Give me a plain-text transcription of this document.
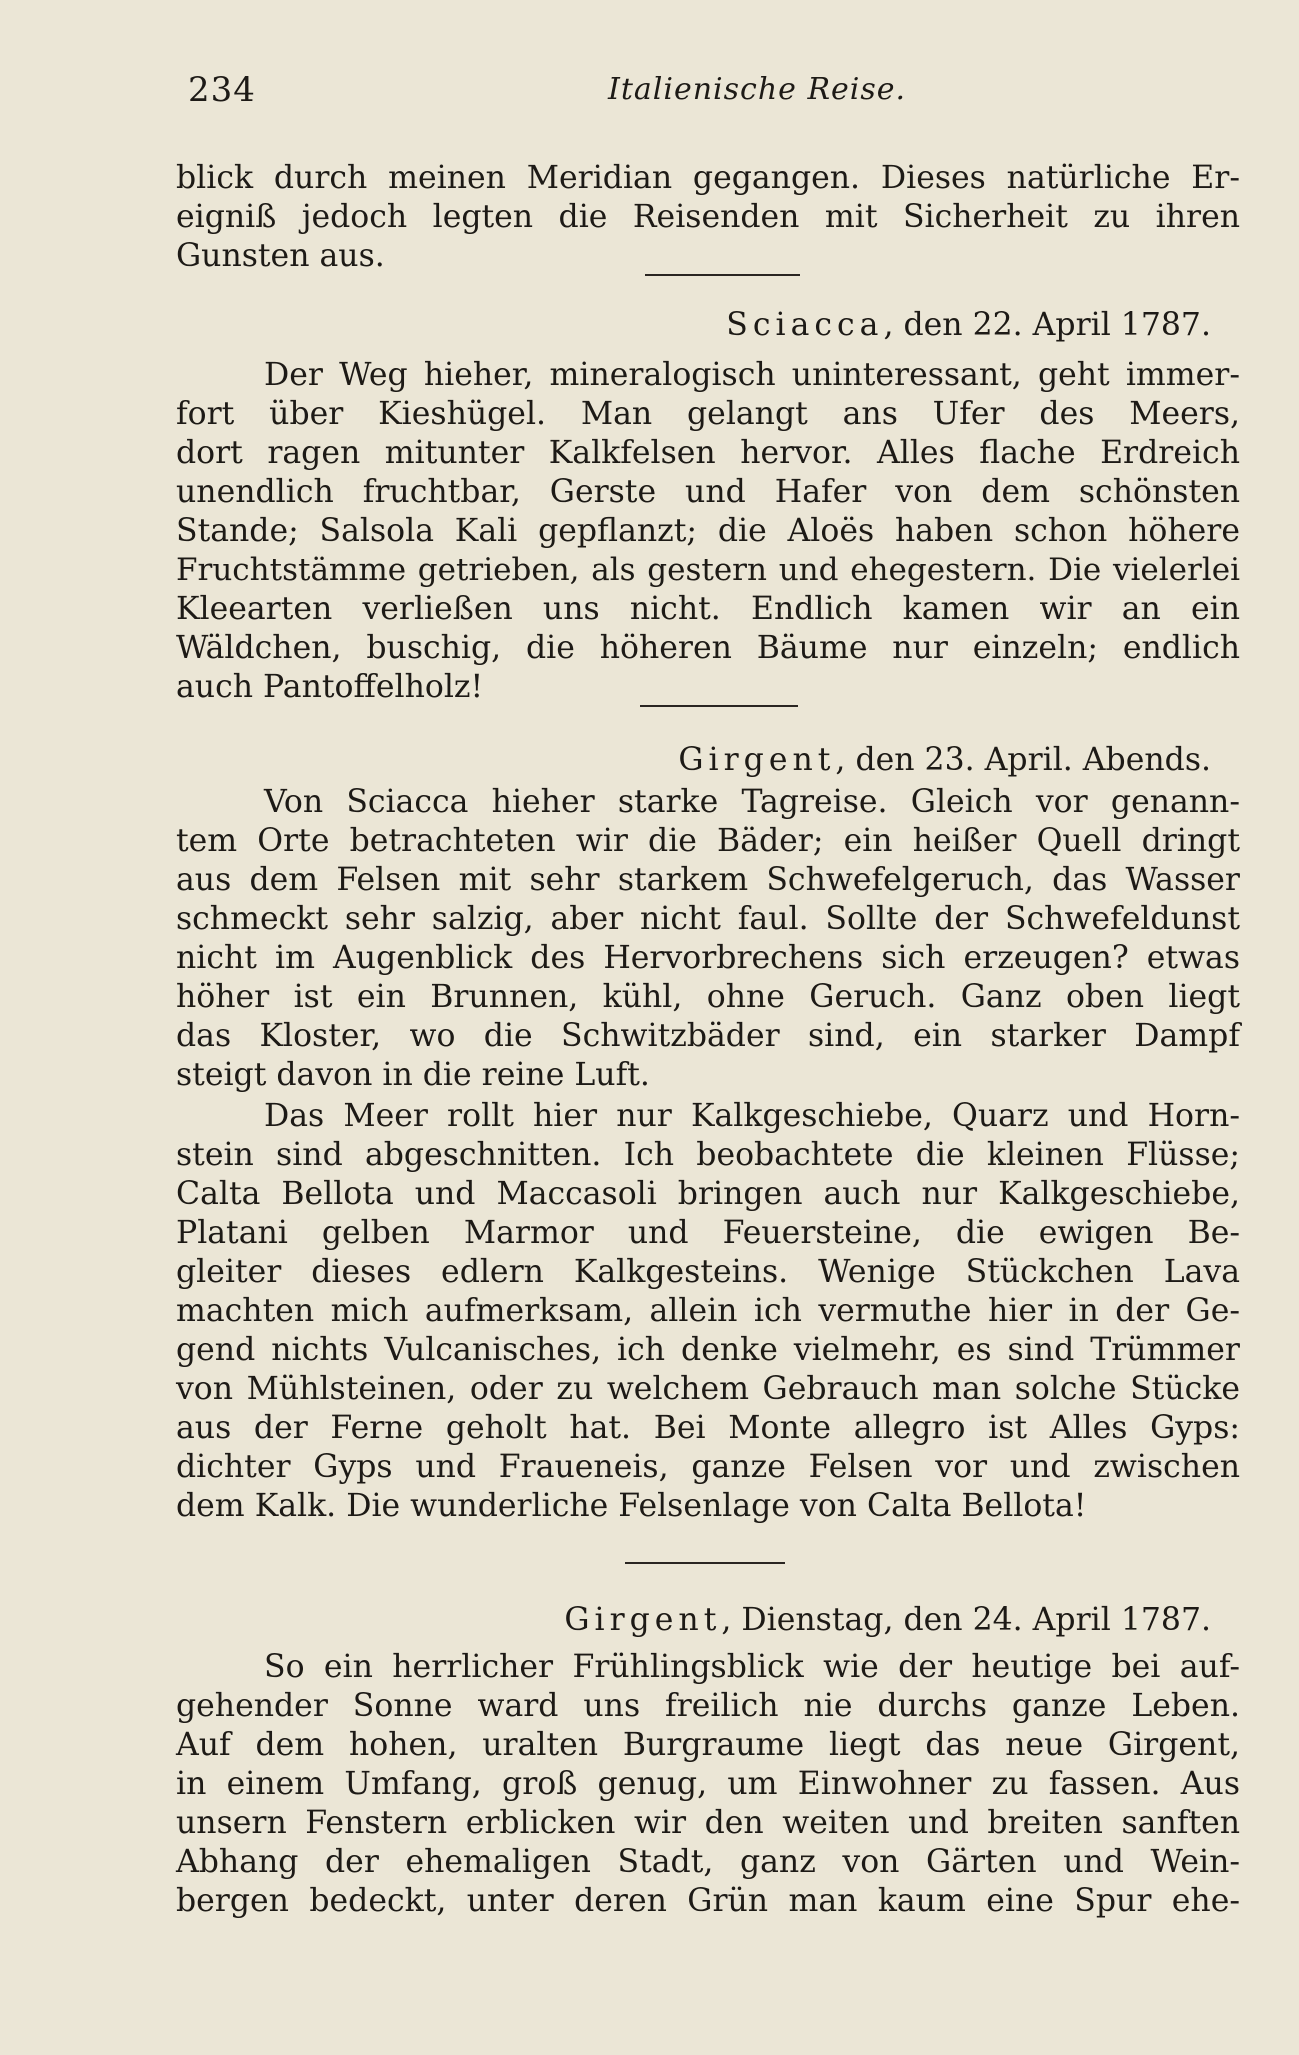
234	Italienische Reise.
blick durch meinen Meridian gegangen. Dieses natürliche Er-
eigniß jedoch legten die Reisenden mit Sicherheit zu ihren
Gunsten aus.
Sciacca, den 22. April 1787.
Der Weg hieher, mineralogisch uninteressant, geht immer-
fort über Kieshügel. Man gelangt ans Ufer des Meers,
dort ragen mitunter Kalkfelsen hervor. Alles flache Erdreich
unendlich fruchtbar, Gerste und Hafer von dem schönsten
Stande; Salsola Kali gepflanzt; die Aloës haben schon höhere
Fruchtstämme getrieben, als gestern und ehegestern. Die vielerlei
Kleearten verließen uns nicht. Endlich kamen wir an ein
Wäldchen, buschig, die höheren Bäume nur einzeln; endlich
auch Pantoffelholz!
Girgent, den 23. April. Abends.
Von Sciacca hieher starke Tagreise. Gleich vor genann-
tem Orte betrachteten wir die Bäder; ein heißer Quell dringt
aus dem Felsen mit sehr starkem Schwefelgeruch, das Wasser
schmeckt sehr salzig, aber nicht faul. Sollte der Schwefeldunst
nicht im Augenblick des Hervorbrechens sich erzeugen? etwas
höher ist ein Brunnen, kühl, ohne Geruch. Ganz oben liegt
das Kloster, wo die Schwitzbäder sind, ein starker Dampf
steigt davon in die reine Luft.
Das Meer rollt hier nur Kalkgeschiebe, Quarz und Horn-
stein sind abgeschnitten. Ich beobachtete die kleinen Flüsse;
Calta Bellota und Maccasoli bringen auch nur Kalkgeschiebe,
Platani gelben Marmor und Feuersteine, die ewigen Be-
gleiter dieses edlern Kalkgesteins. Wenige Stückchen Lava
machten mich aufmerksam, allein ich vermuthe hier in der Ge-
gend nichts Vulcanisches, ich denke vielmehr, es sind Trümmer
von Mühlsteinen, oder zu welchem Gebrauch man solche Stücke
aus der Ferne geholt hat. Bei Monte allegro ist Alles Gyps:
dichter Gyps und Fraueneis, ganze Felsen vor und zwischen
dem Kalk. Die wunderliche Felsenlage von Calta Bellota!
Girgent, Dienstag, den 24. April 1787.
So ein herrlicher Frühlingsblick wie der heutige bei auf-
gehender Sonne ward uns freilich nie durchs ganze Leben.
Auf dem hohen, uralten Burgraume liegt das neue Girgent,
in einem Umfang, groß genug, um Einwohner zu fassen. Aus
unsern Fenstern erblicken wir den weiten und breiten sanften
Abhang der ehemaligen Stadt, ganz von Gärten und Wein-
bergen bedeckt, unter deren Grün man kaum eine Spur ehe-
